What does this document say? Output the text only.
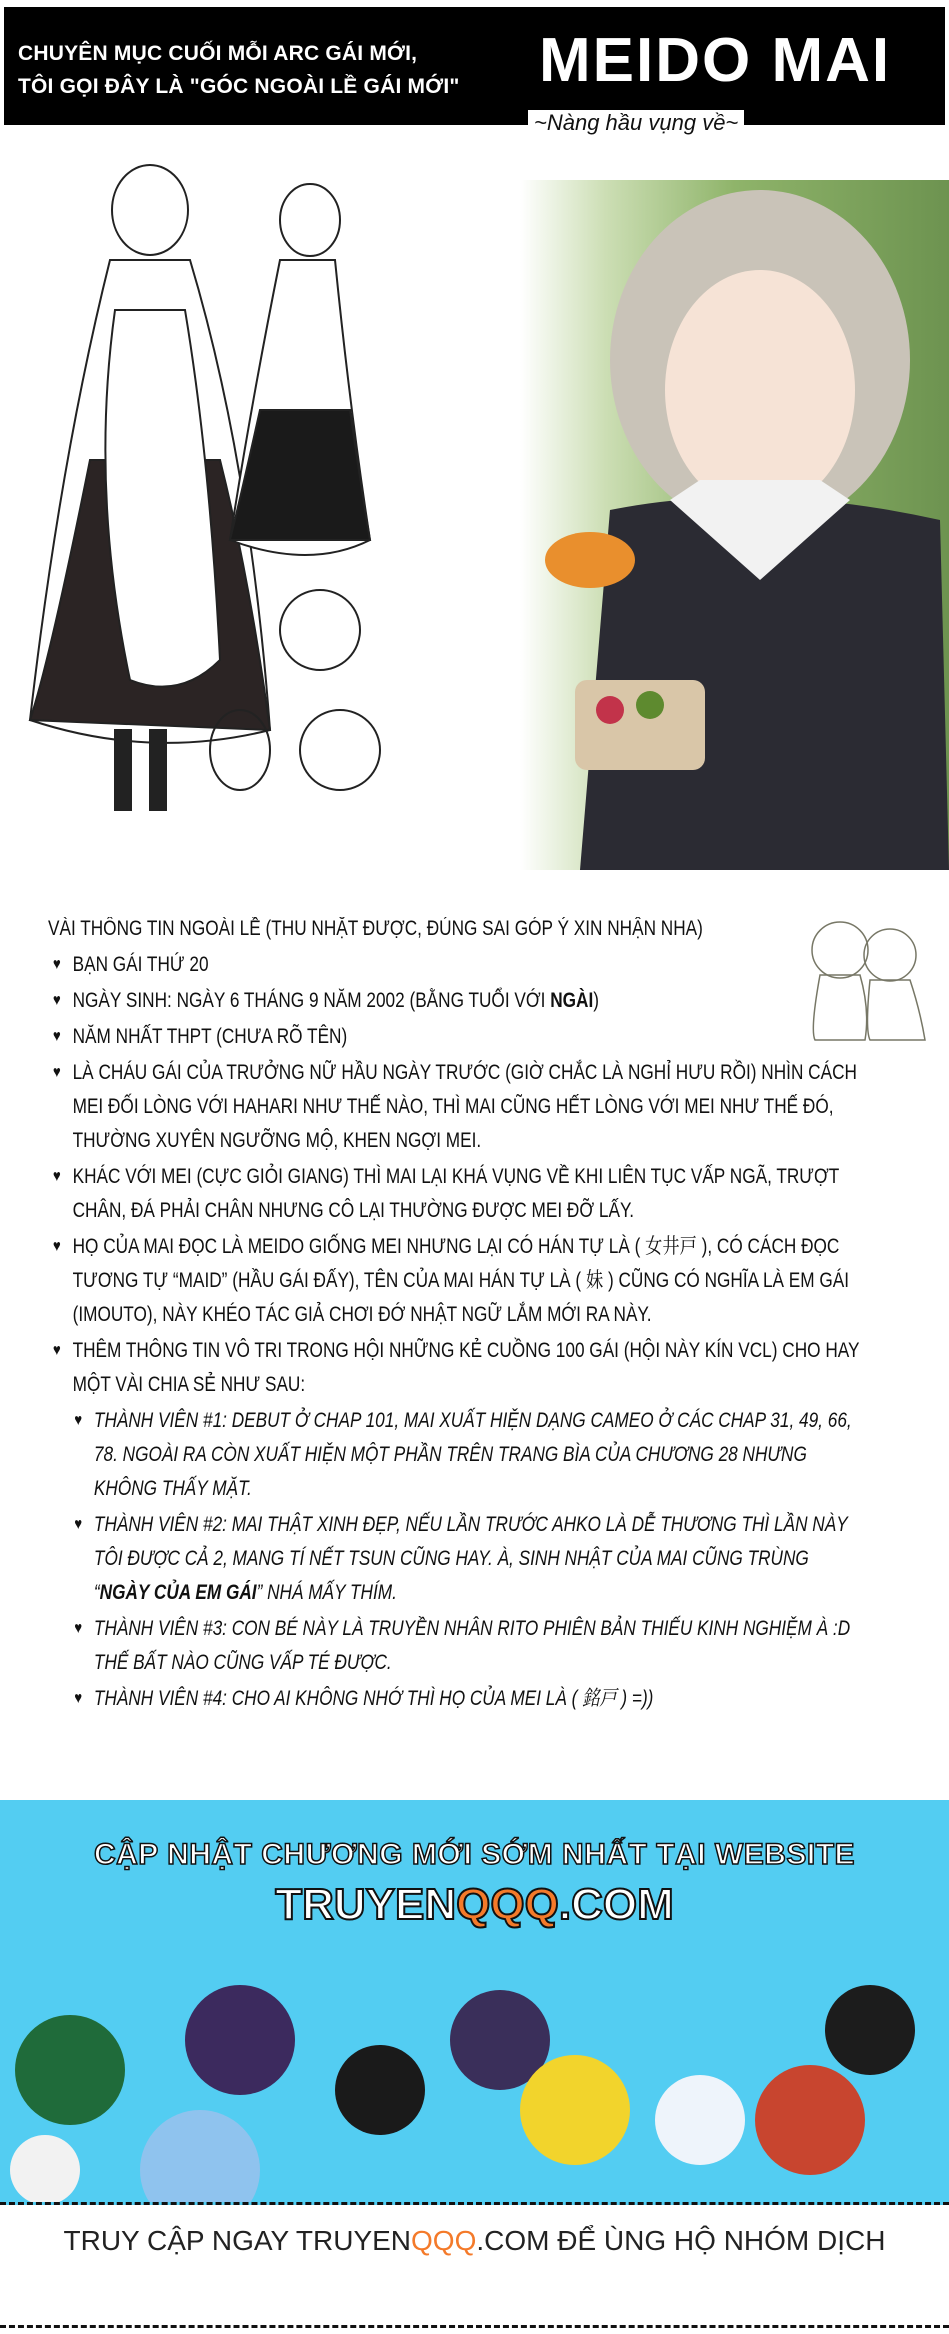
CHUYÊN MỤC CUỐI MỖI ARC GÁI MỚI,
TÔI GỌI ĐÂY LÀ "GÓC NGOÀI LỀ GÁI MỚI" MEIDO MAI
~Nàng hầu vụng về~
VÀI THÔNG TIN NGOÀI LỀ (THU NHẶT ĐƯỢC, ĐÚNG SAI GÓP Ý XIN NHẬN NHA)
♥ BẠN GÁI THỨ 20
♥ NGÀY SINH: NGÀY 6 THÁNG 9 NĂM 2002 (BẰNG TUỔI VỚI NGÀI)
♥ NĂM NHẤT THPT (CHƯA RÕ TÊN)
♥ LÀ CHÁU GÁI CỦA TRƯỞNG NỮ HẦU NGÀY TRƯỚC (GIỜ CHẮC LÀ NGHỈ HƯU RỒI) NHÌN CÁCH MEI ĐỐI LÒNG VỚI HAHARI NHƯ THẾ NÀO, THÌ MAI CŨNG HẾT LÒNG VỚI MEI NHƯ THẾ ĐÓ, THƯỜNG XUYÊN NGƯỠNG MỘ, KHEN NGỢI MEI.
♥ KHÁC VỚI MEI (CỰC GIỎI GIANG) THÌ MAI LẠI KHÁ VỤNG VỀ KHI LIÊN TỤC VẤP NGÃ, TRƯỢT CHÂN, ĐÁ PHẢI CHÂN NHƯNG CÔ LẠI THƯỜNG ĐƯỢC MEI ĐỠ LẤY.
♥ HỌ CỦA MAI ĐỌC LÀ MEIDO GIỐNG MEI NHƯNG LẠI CÓ HÁN TỰ LÀ ( 女井戸 ), CÓ CÁCH ĐỌC TƯƠNG TỰ “MAID” (HẦU GÁI ĐẤY), TÊN CỦA MAI HÁN TỰ LÀ ( 妹 ) CŨNG CÓ NGHĨA LÀ EM GÁI (IMOUTO), NÀY KHÉO TÁC GIẢ CHƠI ĐỚ NHẬT NGỮ LẮM MỚI RA NÀY.
♥ THÊM THÔNG TIN VÔ TRI TRONG HỘI NHỮNG KẺ CUỒNG 100 GÁI (HỘI NÀY KÍN VCL) CHO HAY MỘT VÀI CHIA SẺ NHƯ SAU:
♥ THÀNH VIÊN #1: DEBUT Ở CHAP 101, MAI XUẤT HIỆN DẠNG CAMEO Ở CÁC CHAP 31, 49, 66, 78. NGOÀI RA CÒN XUẤT HIỆN MỘT PHẦN TRÊN TRANG BÌA CỦA CHƯƠNG 28 NHƯNG KHÔNG THẤY MẶT.
♥ THÀNH VIÊN #2: MAI THẬT XINH ĐẸP, NẾU LẦN TRƯỚC AHKO LÀ DỄ THƯƠNG THÌ LẦN NÀY TÔI ĐƯỢC CẢ 2, MANG TÍ NẾT TSUN CŨNG HAY. À, SINH NHẬT CỦA MAI CŨNG TRÙNG “NGÀY CỦA EM GÁI” NHÁ MẤY THÍM.
♥ THÀNH VIÊN #3: CON BÉ NÀY LÀ TRUYỀN NHÂN RITO PHIÊN BẢN THIẾU KINH NGHIỆM À :D THẾ BẤT NÀO CŨNG VẤP TÉ ĐƯỢC.
♥ THÀNH VIÊN #4: CHO AI KHÔNG NHỚ THÌ HỌ CỦA MEI LÀ ( 銘戸 ) =))
CẬP NHẬT CHƯƠNG MỚI SỚM NHẤT TẠI WEBSITE
TRUYENQQQ.COM
TRUY CẬP NGAY TRUYENQQQ.COM ĐỂ ÙNG HỘ NHÓM DỊCH
